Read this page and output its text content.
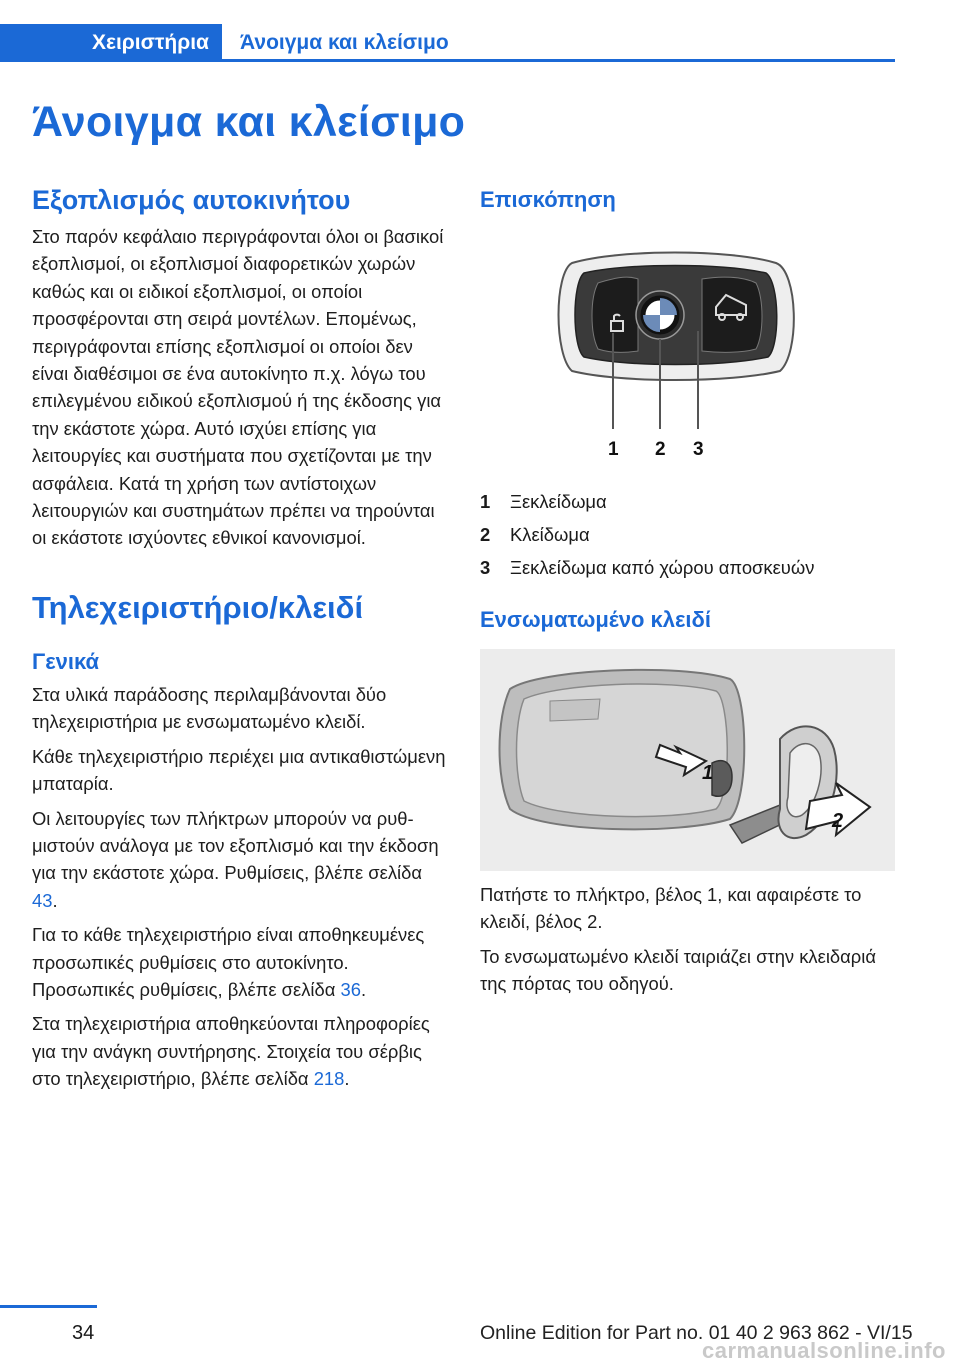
Χειριστήρια	Άνοιγμα και κλείσιμο
Άνοιγμα και κλείσιμο
Εξοπλισμός αυτοκινήτου
Στο παρόν κεφάλαιο περιγράφονται όλοι οι βασικοί εξοπλισμοί, οι εξοπλισμοί διαφορετικών χωρών καθώς και οι ειδικοί εξοπλισμοί, οι οποίοι προσφέρονται στη σειρά μοντέλων. Επομένως, περιγράφονται επίσης εξοπλισμοί οι οποίοι δεν είναι διαθέσιμοι σε ένα αυτοκίνητο π.χ. λόγω του επιλεγμένου ειδικού εξοπλισμού ή της έκδοσης για την εκάστοτε χώρα. Αυτό ισχύει επίσης για λειτουργίες και συστήματα που σχετίζονται με την ασφάλεια. Κατά τη χρήση των αντίστοιχων λειτουργιών και συστημάτων πρέπει να τηρούνται οι εκάστοτε ισχύοντες εθνικοί κανονισμοί.
Τηλεχειριστήριο/κλειδί
Γενικά
Στα υλικά παράδοσης περιλαμβάνονται δύο τηλεχειριστήρια με ενσωματωμένο κλειδί.
Κάθε τηλεχειριστήριο περιέχει μια αντικαθιστώμενη μπαταρία.
Οι λειτουργίες των πλήκτρων μπορούν να ρυθμιστούν ανάλογα με τον εξοπλισμό και την έκδοση για την εκάστοτε χώρα. Ρυθμίσεις, βλέπε σελίδα 43.
Για το κάθε τηλεχειριστήριο είναι αποθηκευμένες προσωπικές ρυθμίσεις στο αυτοκίνητο. Προσωπικές ρυθμίσεις, βλέπε σελίδα 36.
Στα τηλεχειριστήρια αποθηκεύονται πληροφορίες για την ανάγκη συντήρησης. Στοιχεία του σέρβις στο τηλεχειριστήριο, βλέπε σελίδα 218.
Επισκόπηση
1 2 3
1	Ξεκλείδωμα
2	Κλείδωμα
3	Ξεκλείδωμα καπό χώρου αποσκευών
Ενσωματωμένο κλειδί
1
2
Πατήστε το πλήκτρο, βέλος 1, και αφαιρέστε το κλειδί, βέλος 2.
Το ενσωματωμένο κλειδί ταιριάζει στην κλειδαριά της πόρτας του οδηγού.
34	Online Edition for Part no. 01 40 2 963 862 - VI/15
carmanualsonline.info
